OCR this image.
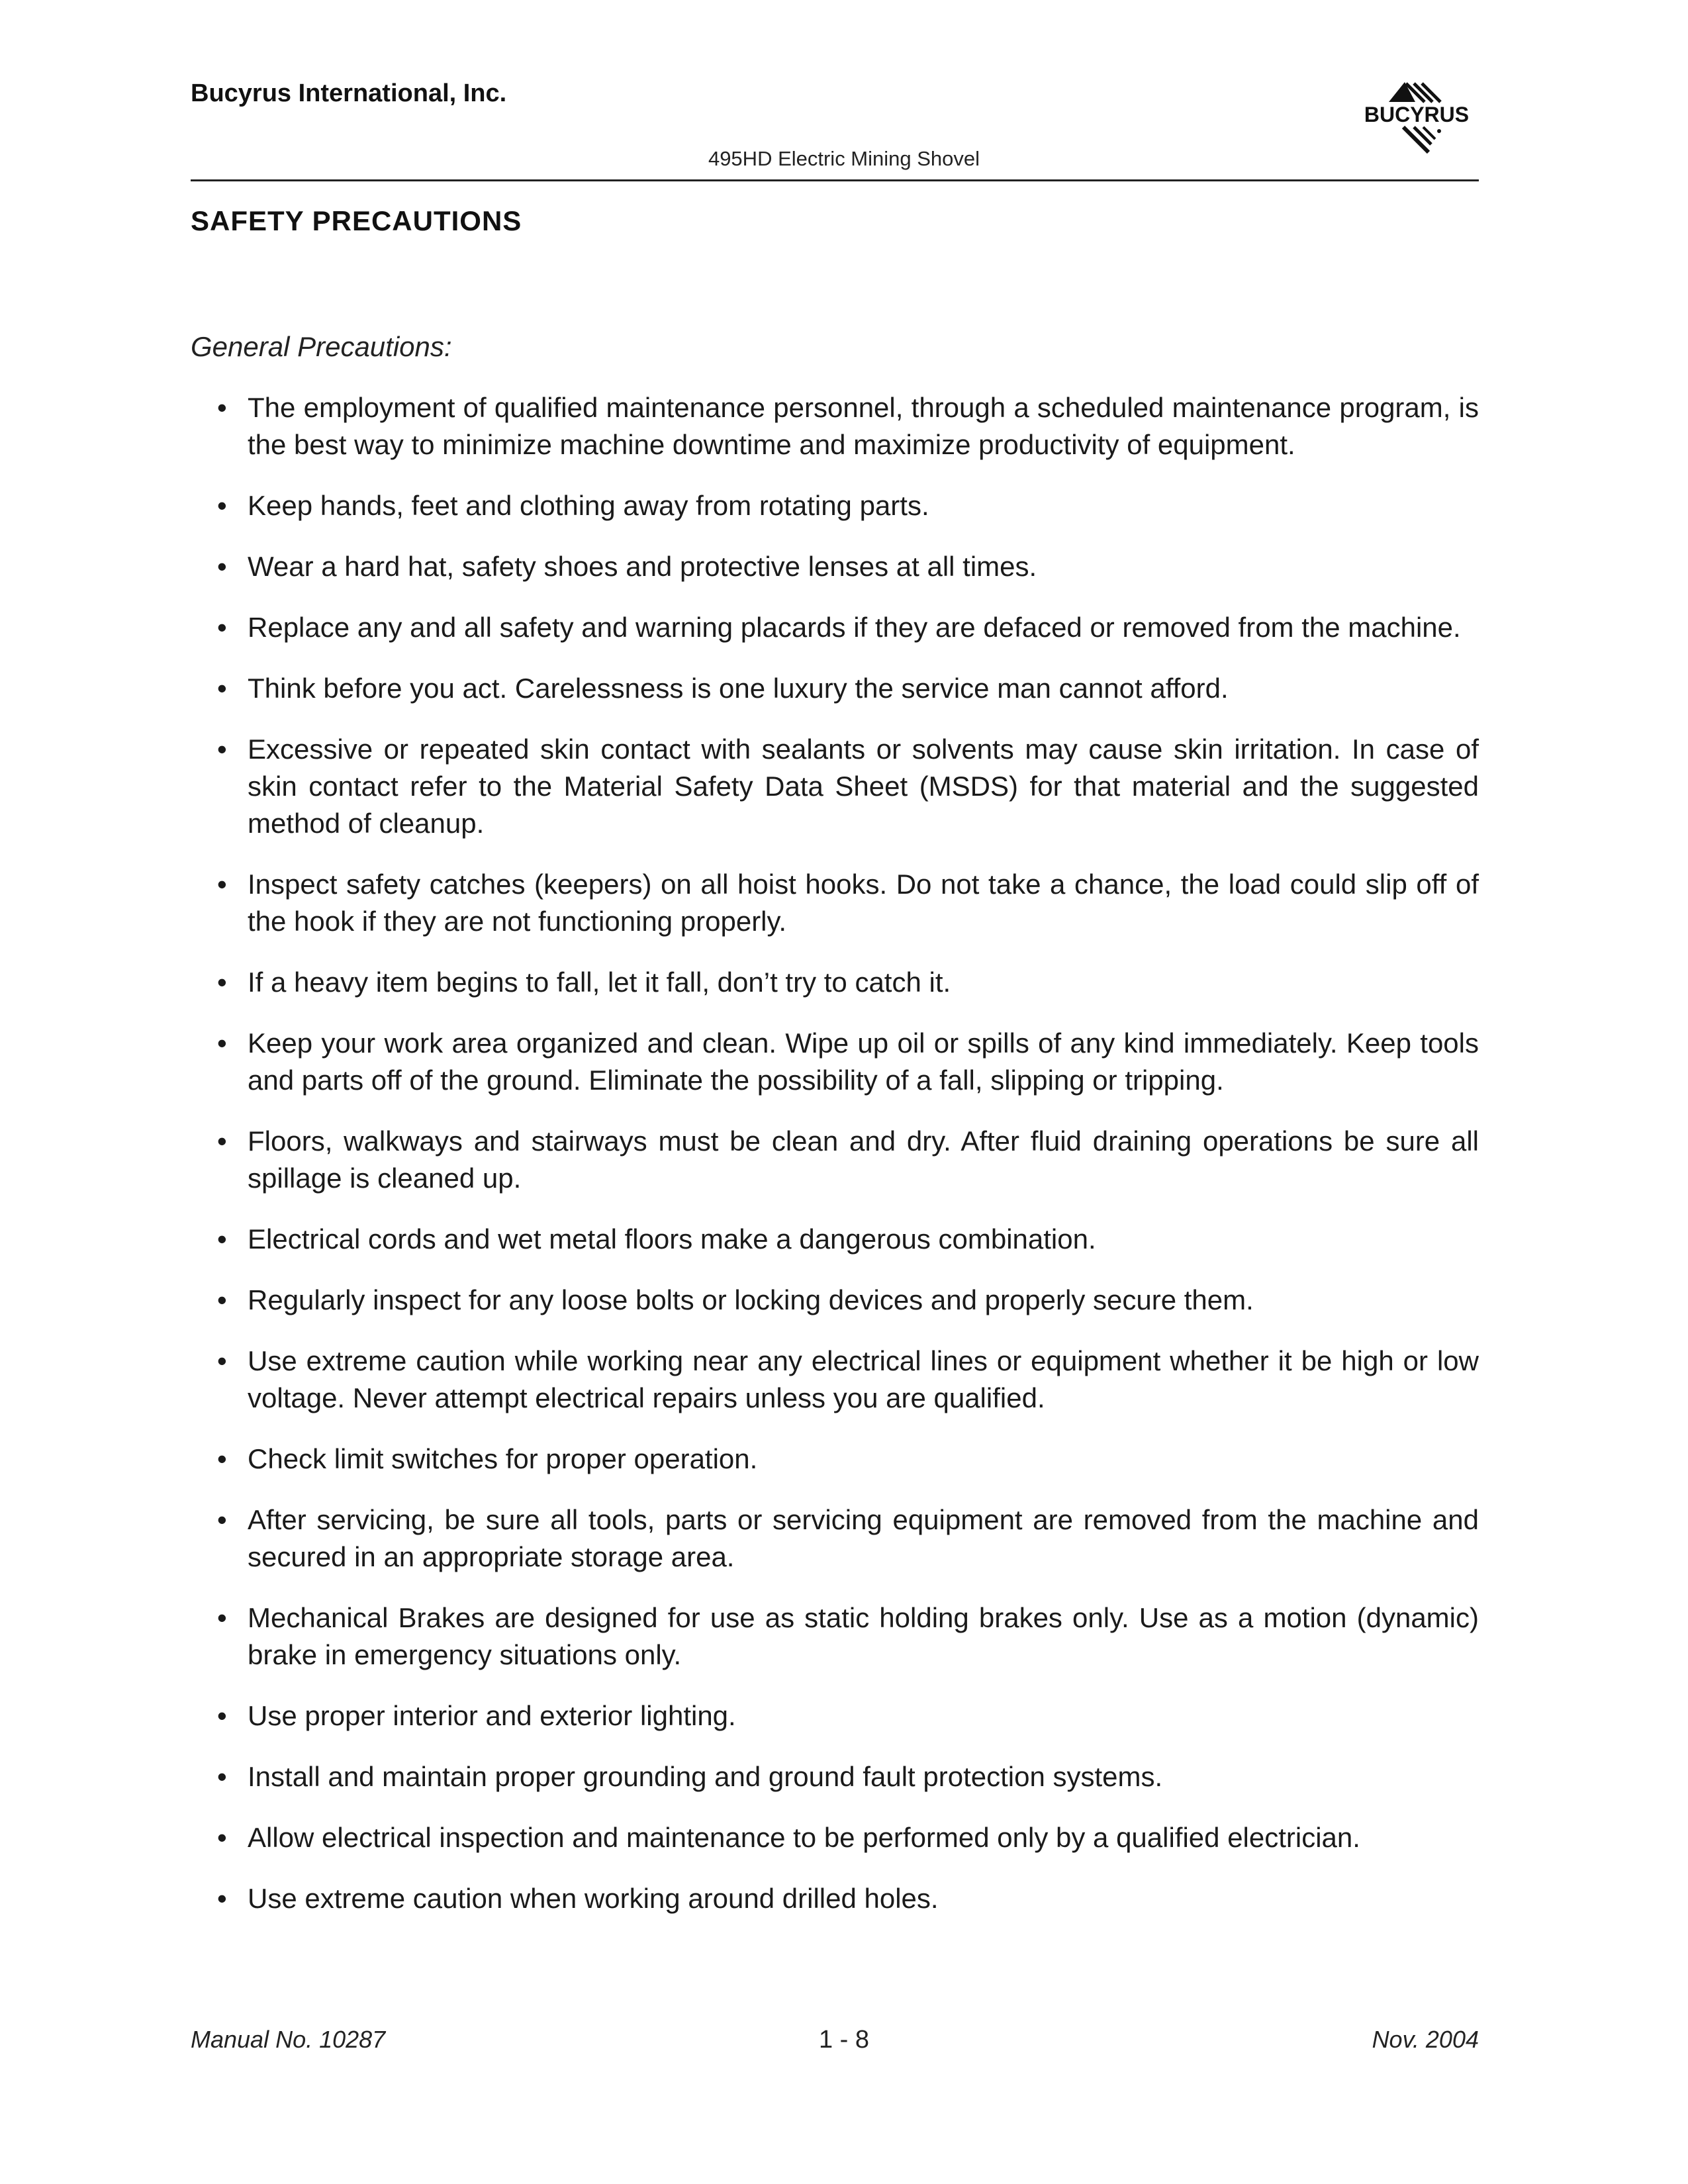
Bucyrus International, Inc.
BUCYRUS
495HD Electric Mining Shovel
SAFETY PRECAUTIONS
General Precautions:
• The employment of qualified maintenance personnel, through a scheduled maintenance program, is the best way to minimize machine downtime and maximize productivity of equipment.
• Keep hands, feet and clothing away from rotating parts.
• Wear a hard hat, safety shoes and protective lenses at all times.
• Replace any and all safety and warning placards if they are defaced or removed from the machine.
• Think before you act. Carelessness is one luxury the service man cannot afford.
• Excessive or repeated skin contact with sealants or solvents may cause skin irritation. In case of skin contact refer to the Material Safety Data Sheet (MSDS) for that material and the suggested method of cleanup.
• Inspect safety catches (keepers) on all hoist hooks. Do not take a chance, the load could slip off of the hook if they are not functioning properly.
• If a heavy item begins to fall, let it fall, don’t try to catch it.
• Keep your work area organized and clean. Wipe up oil or spills of any kind immediately. Keep tools and parts off of the ground. Eliminate the possibility of a fall, slipping or tripping.
• Floors, walkways and stairways must be clean and dry. After fluid draining operations be sure all spillage is cleaned up.
• Electrical cords and wet metal floors make a dangerous combination.
• Regularly inspect for any loose bolts or locking devices and properly secure them.
• Use extreme caution while working near any electrical lines or equipment whether it be high or low voltage. Never attempt electrical repairs unless you are qualified.
• Check limit switches for proper operation.
• After servicing, be sure all tools, parts or servicing equipment are removed from the machine and secured in an appropriate storage area.
• Mechanical Brakes are designed for use as static holding brakes only. Use as a motion (dynamic) brake in emergency situations only.
• Use proper interior and exterior lighting.
• Install and maintain proper grounding and ground fault protection systems.
• Allow electrical inspection and maintenance to be performed only by a qualified electrician.
• Use extreme caution when working around drilled holes.
Manual No. 10287	1 - 8	Nov. 2004
